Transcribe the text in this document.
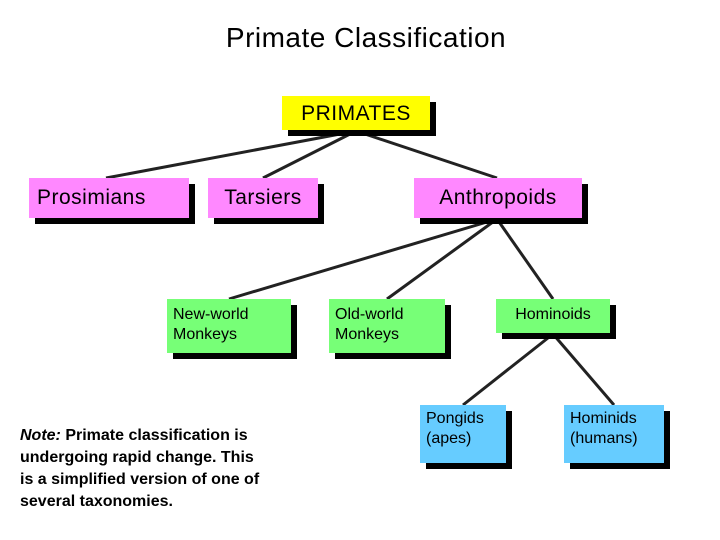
Primate Classification
PRIMATES
Prosimians	Tarsiers	Anthropoids
New-world
Monkeys
Old-world
Monkeys
Hominoids
Pongids
(apes)
Hominids
(humans)
Note: Primate classification is
undergoing rapid change. This
is a simplified version of one of
several taxonomies.
